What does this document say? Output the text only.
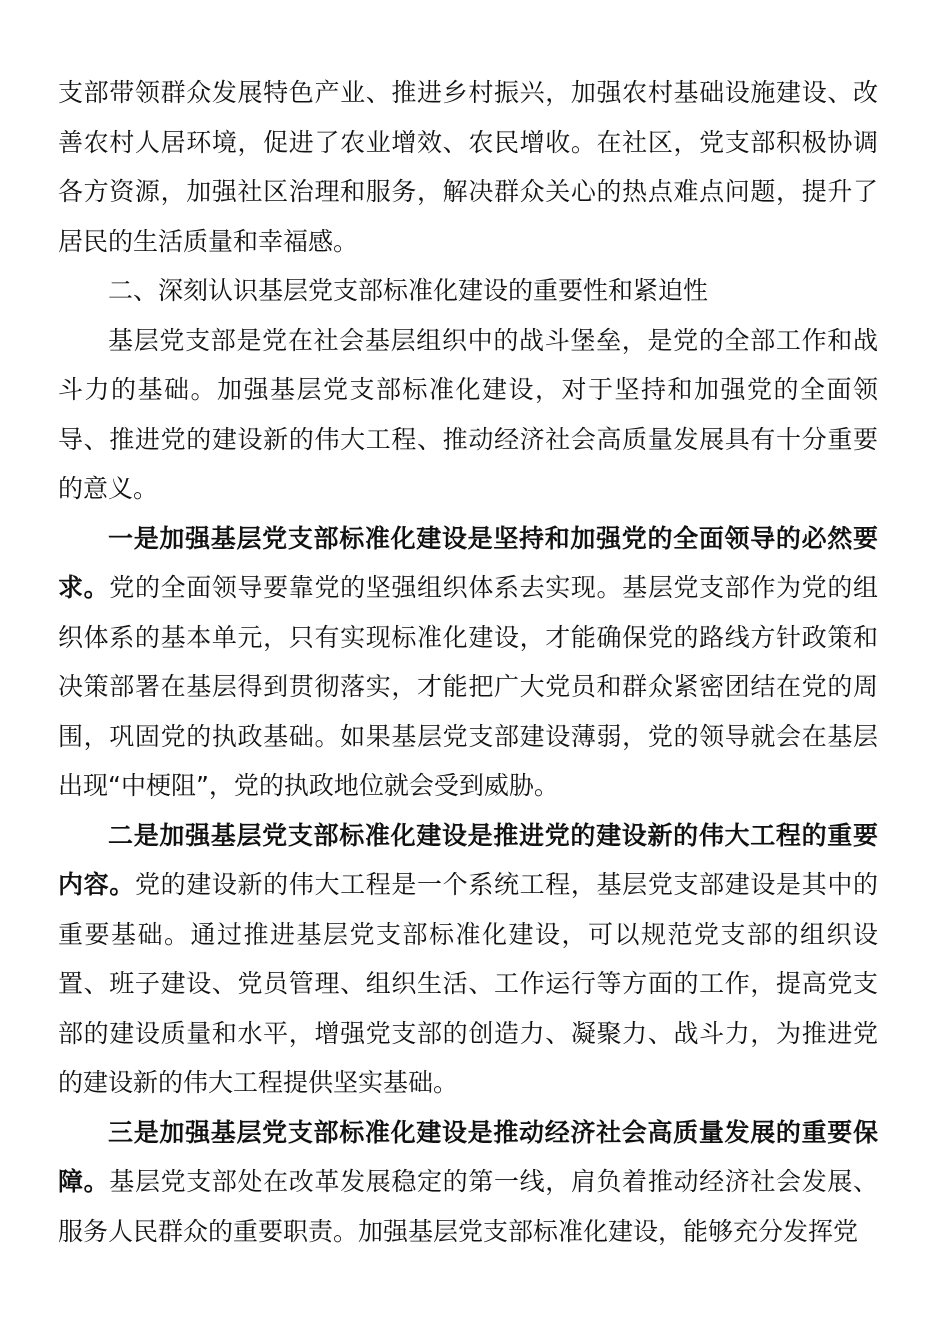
支部带领群众发展特色产业、推进乡村振兴，加强农村基础设施建设、改善农村人居环境，促进了农业增效、农民增收。在社区，党支部积极协调各方资源，加强社区治理和服务，解决群众关心的热点难点问题，提升了居民的生活质量和幸福感。

二、深刻认识基层党支部标准化建设的重要性和紧迫性

基层党支部是党在社会基层组织中的战斗堡垒，是党的全部工作和战斗力的基础。加强基层党支部标准化建设，对于坚持和加强党的全面领导、推进党的建设新的伟大工程、推动经济社会高质量发展具有十分重要的意义。

一是加强基层党支部标准化建设是坚持和加强党的全面领导的必然要求。党的全面领导要靠党的坚强组织体系去实现。基层党支部作为党的组织体系的基本单元，只有实现标准化建设，才能确保党的路线方针政策和决策部署在基层得到贯彻落实，才能把广大党员和群众紧密团结在党的周围，巩固党的执政基础。如果基层党支部建设薄弱，党的领导就会在基层出现“中梗阻”，党的执政地位就会受到威胁。

二是加强基层党支部标准化建设是推进党的建设新的伟大工程的重要内容。党的建设新的伟大工程是一个系统工程，基层党支部建设是其中的重要基础。通过推进基层党支部标准化建设，可以规范党支部的组织设置、班子建设、党员管理、组织生活、工作运行等方面的工作，提高党支部的建设质量和水平，增强党支部的创造力、凝聚力、战斗力，为推进党的建设新的伟大工程提供坚实基础。

三是加强基层党支部标准化建设是推动经济社会高质量发展的重要保障。基层党支部处在改革发展稳定的第一线，肩负着推动经济社会发展、服务人民群众的重要职责。加强基层党支部标准化建设，能够充分发挥党
